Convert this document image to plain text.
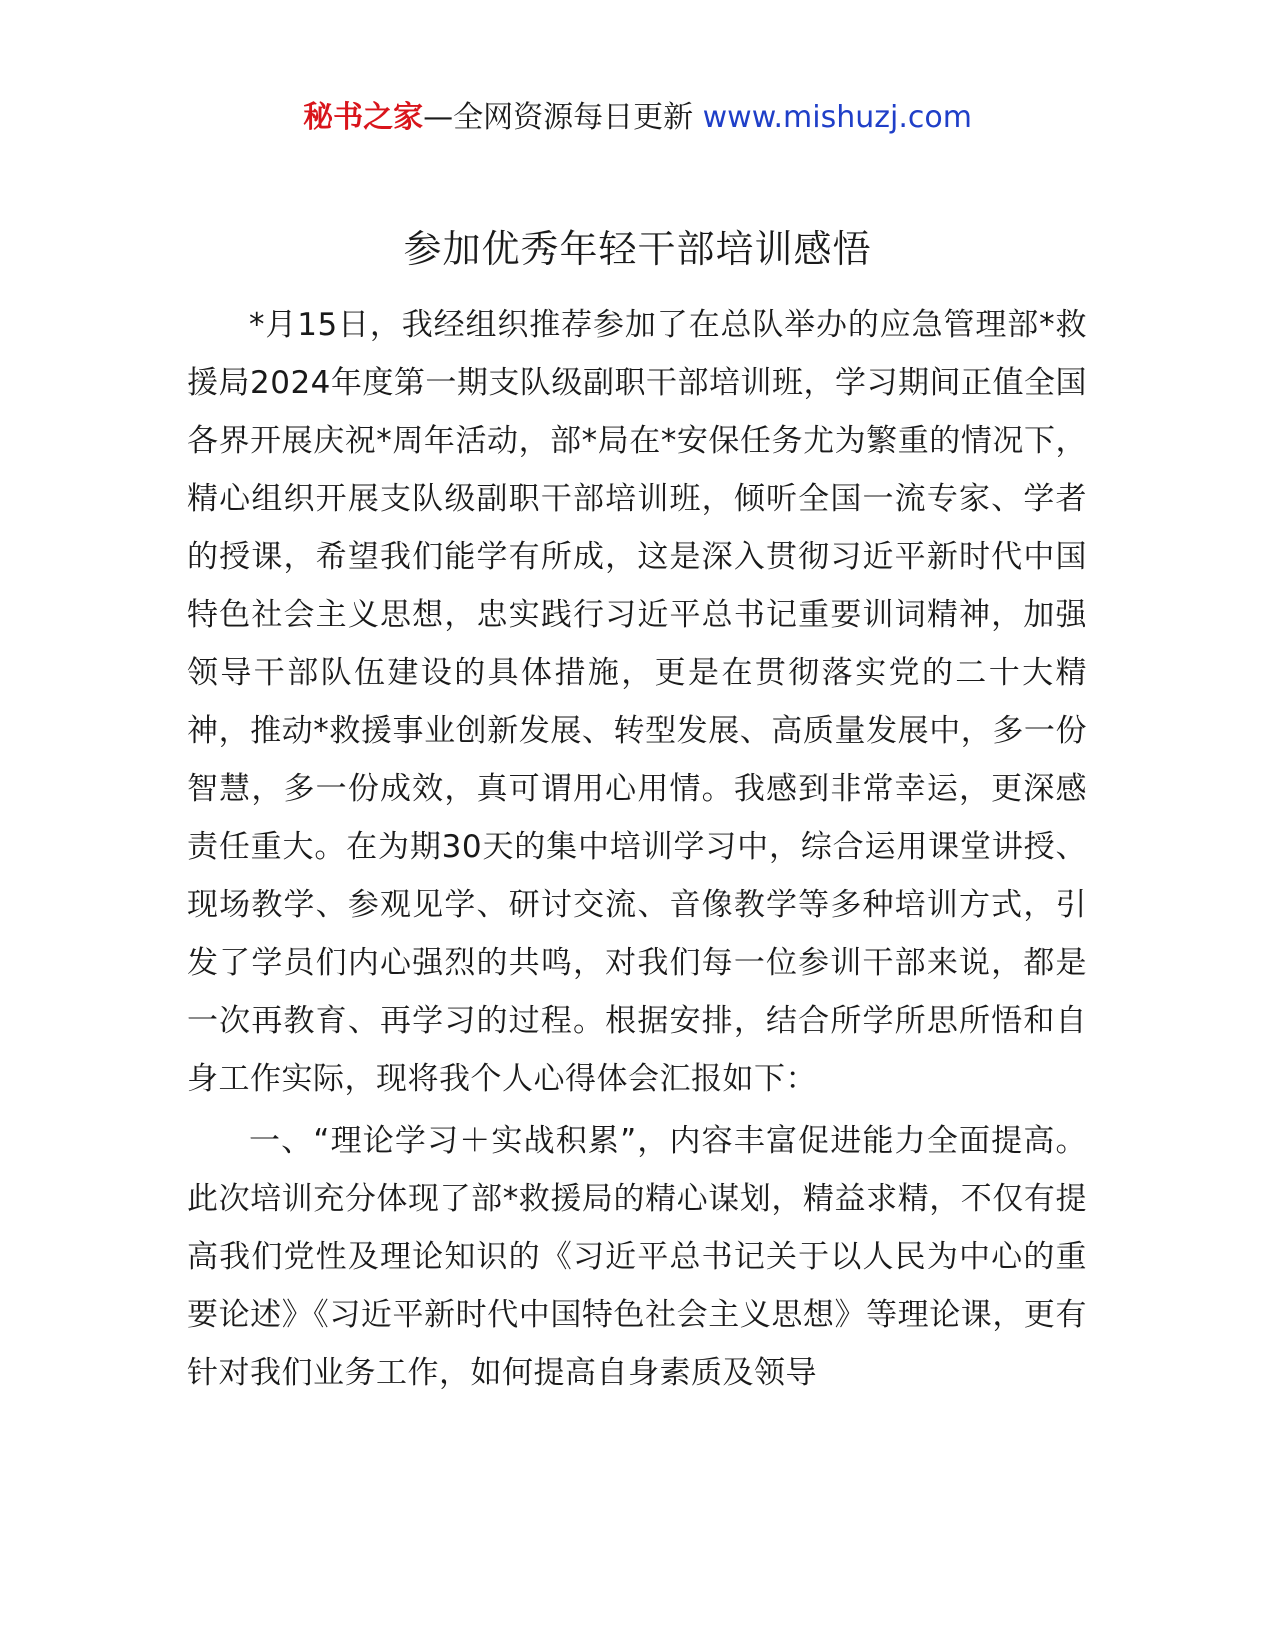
秘书之家—全网资源每日更新 www.mishuzj.com
参加优秀年轻干部培训感悟

*月15日，我经组织推荐参加了在总队举办的应急管理部*救援局2024年度第一期支队级副职干部培训班，学习期间正值全国各界开展庆祝*周年活动，部*局在*安保任务尤为繁重的情况下，精心组织开展支队级副职干部培训班，倾听全国一流专家、学者的授课，希望我们能学有所成，这是深入贯彻习近平新时代中国特色社会主义思想，忠实践行习近平总书记重要训词精神，加强领导干部队伍建设的具体措施，更是在贯彻落实党的二十大精神，推动*救援事业创新发展、转型发展、高质量发展中，多一份智慧，多一份成效，真可谓用心用情。我感到非常幸运，更深感责任重大。在为期30天的集中培训学习中，综合运用课堂讲授、现场教学、参观见学、研讨交流、音像教学等多种培训方式，引发了学员们内心强烈的共鸣，对我们每一位参训干部来说，都是一次再教育、再学习的过程。根据安排，结合所学所思所悟和自身工作实际，现将我个人心得体会汇报如下：

一、“理论学习＋实战积累”，内容丰富促进能力全面提高。此次培训充分体现了部*救援局的精心谋划，精益求精，不仅有提高我们党性及理论知识的《习近平总书记关于以人民为中心的重要论述》《习近平新时代中国特色社会主义思想》等理论课，更有针对我们业务工作，如何提高自身素质及领导
